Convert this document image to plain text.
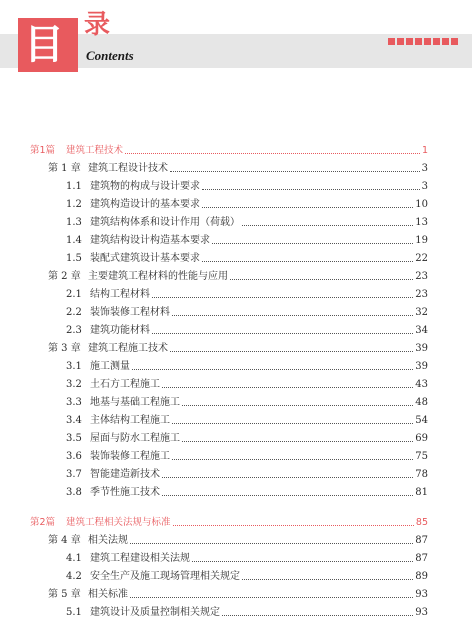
目 录
Contents
第1篇	建筑工程技术	1
第 1 章 建筑工程设计技术	3
1.1 建筑物的构成与设计要求	3
1.2 建筑构造设计的基本要求	10
1.3 建筑结构体系和设计作用（荷载）	13
1.4 建筑结构设计构造基本要求	19
1.5 装配式建筑设计基本要求	22
第 2 章 主要建筑工程材料的性能与应用	23
2.1 结构工程材料	23
2.2 装饰装修工程材料	32
2.3 建筑功能材料	34
第 3 章 建筑工程施工技术	39
3.1 施工测量	39
3.2 土石方工程施工	43
3.3 地基与基础工程施工	48
3.4 主体结构工程施工	54
3.5 屋面与防水工程施工	69
3.6 装饰装修工程施工	75
3.7 智能建造新技术	78
3.8 季节性施工技术	81
第2篇	建筑工程相关法规与标准	85
第 4 章 相关法规	87
4.1 建筑工程建设相关法规	87
4.2 安全生产及施工现场管理相关规定	89
第 5 章 相关标准	93
5.1 建筑设计及质量控制相关规定	93
